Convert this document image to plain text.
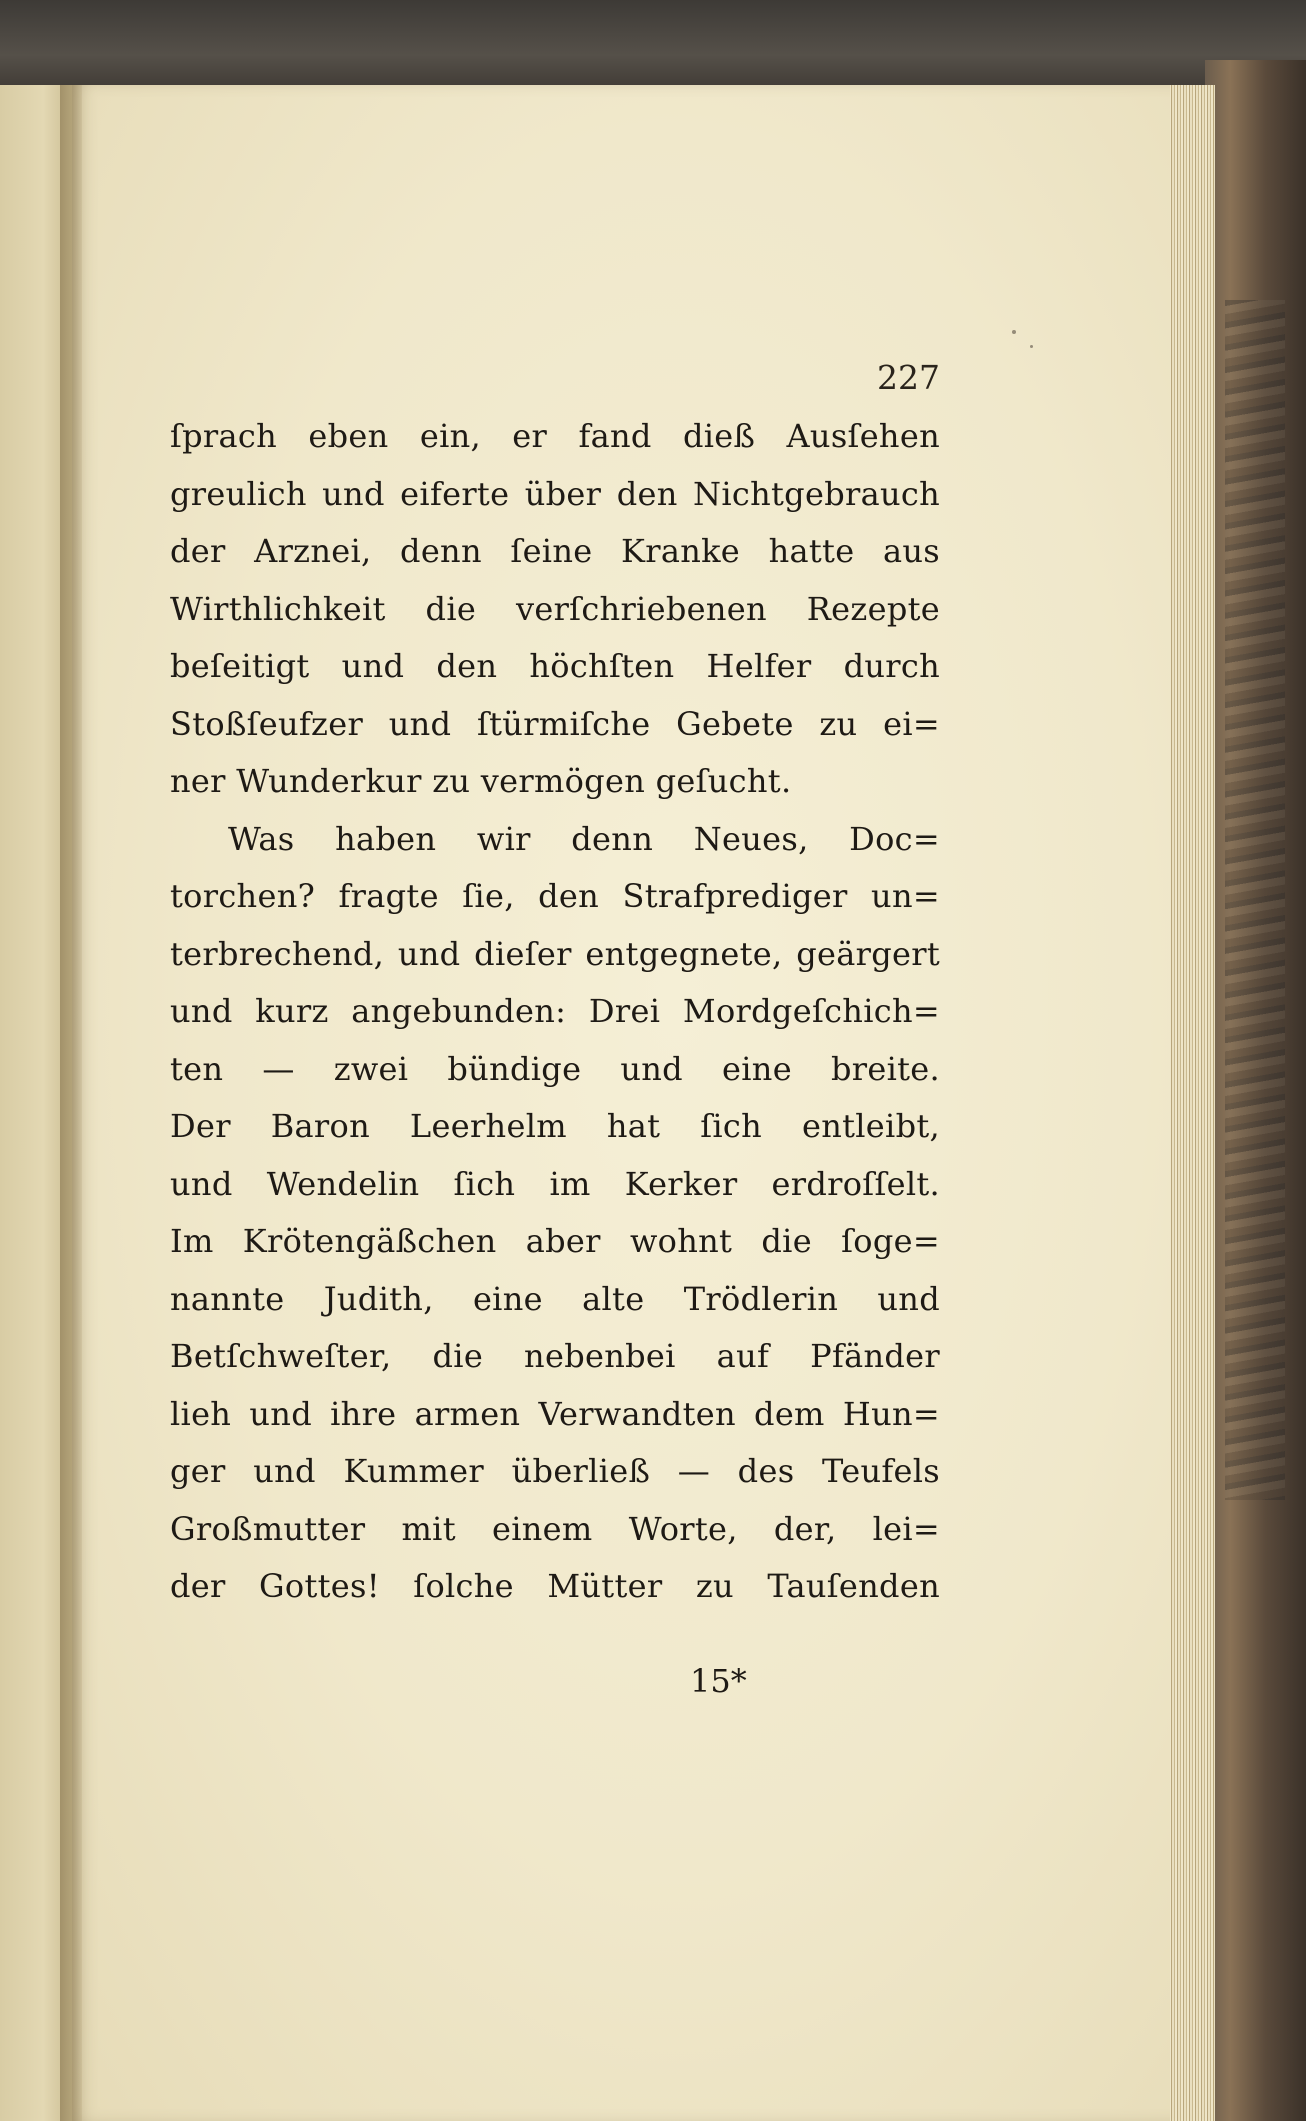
227

ſprach eben ein, er fand dieß Ausſehen
greulich und eiferte über den Nichtgebrauch
der Arznei, denn ſeine Kranke hatte aus
Wirthlichkeit die verſchriebenen Rezepte
beſeitigt und den höchſten Helfer durch
Stoßſeufzer und ſtürmiſche Gebete zu ei=
ner Wunderkur zu vermögen geſucht.
Was haben wir denn Neues, Doc=
torchen? fragte ſie, den Strafprediger un=
terbrechend, und dieſer entgegnete, geärgert
und kurz angebunden: Drei Mordgeſchich=
ten — zwei bündige und eine breite.
Der Baron Leerhelm hat ſich entleibt,
und Wendelin ſich im Kerker erdroſſelt.
Im Krötengäßchen aber wohnt die ſoge=
nannte Judith, eine alte Trödlerin und
Betſchweſter, die nebenbei auf Pfänder
lieh und ihre armen Verwandten dem Hun=
ger und Kummer überließ — des Teufels
Großmutter mit einem Worte, der, lei=
der Gottes! ſolche Mütter zu Tauſenden

15*
